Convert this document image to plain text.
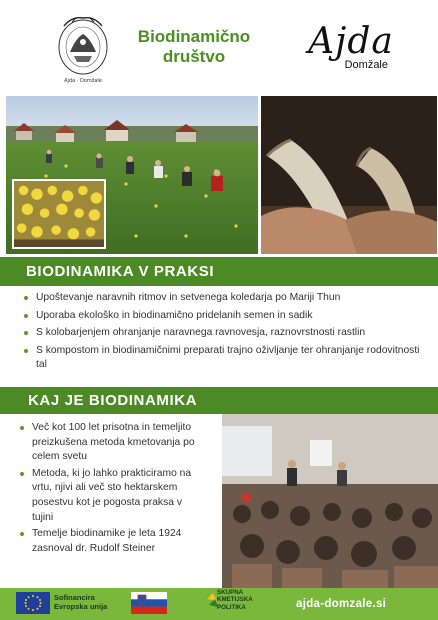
Ajda · Domžale
Biodinamično
društvo	Ajda
Domžale
BIODINAMIKA V PRAKSI
Upoštevanje naravnih ritmov in setvenega koledarja po Mariji Thun
Uporaba ekološko in biodinamično pridelanih semen in sadik
S kolobarjenjem ohranjanje naravnega ravnovesja, raznovrstnosti rastlin
S kompostom in biodinamičnimi preparati trajno oživljanje ter ohranjanje rodovitnosti tal
KAJ JE BIODINAMIKA
Več kot 100 let prisotna in temeljito preizkušena metoda kmetovanja po celem svetu
Metoda, ki jo lahko prakticiramo na vrtu, njivi ali več sto hektarskem posestvu kot je pogosta praksa v tujini
Temelje biodinamike je leta 1924 zasnoval dr. Rudolf Steiner
Sofinancira
Evropska unija
SKUPNA
KMETIJSKA
POLITIKA	ajda-domzale.si
